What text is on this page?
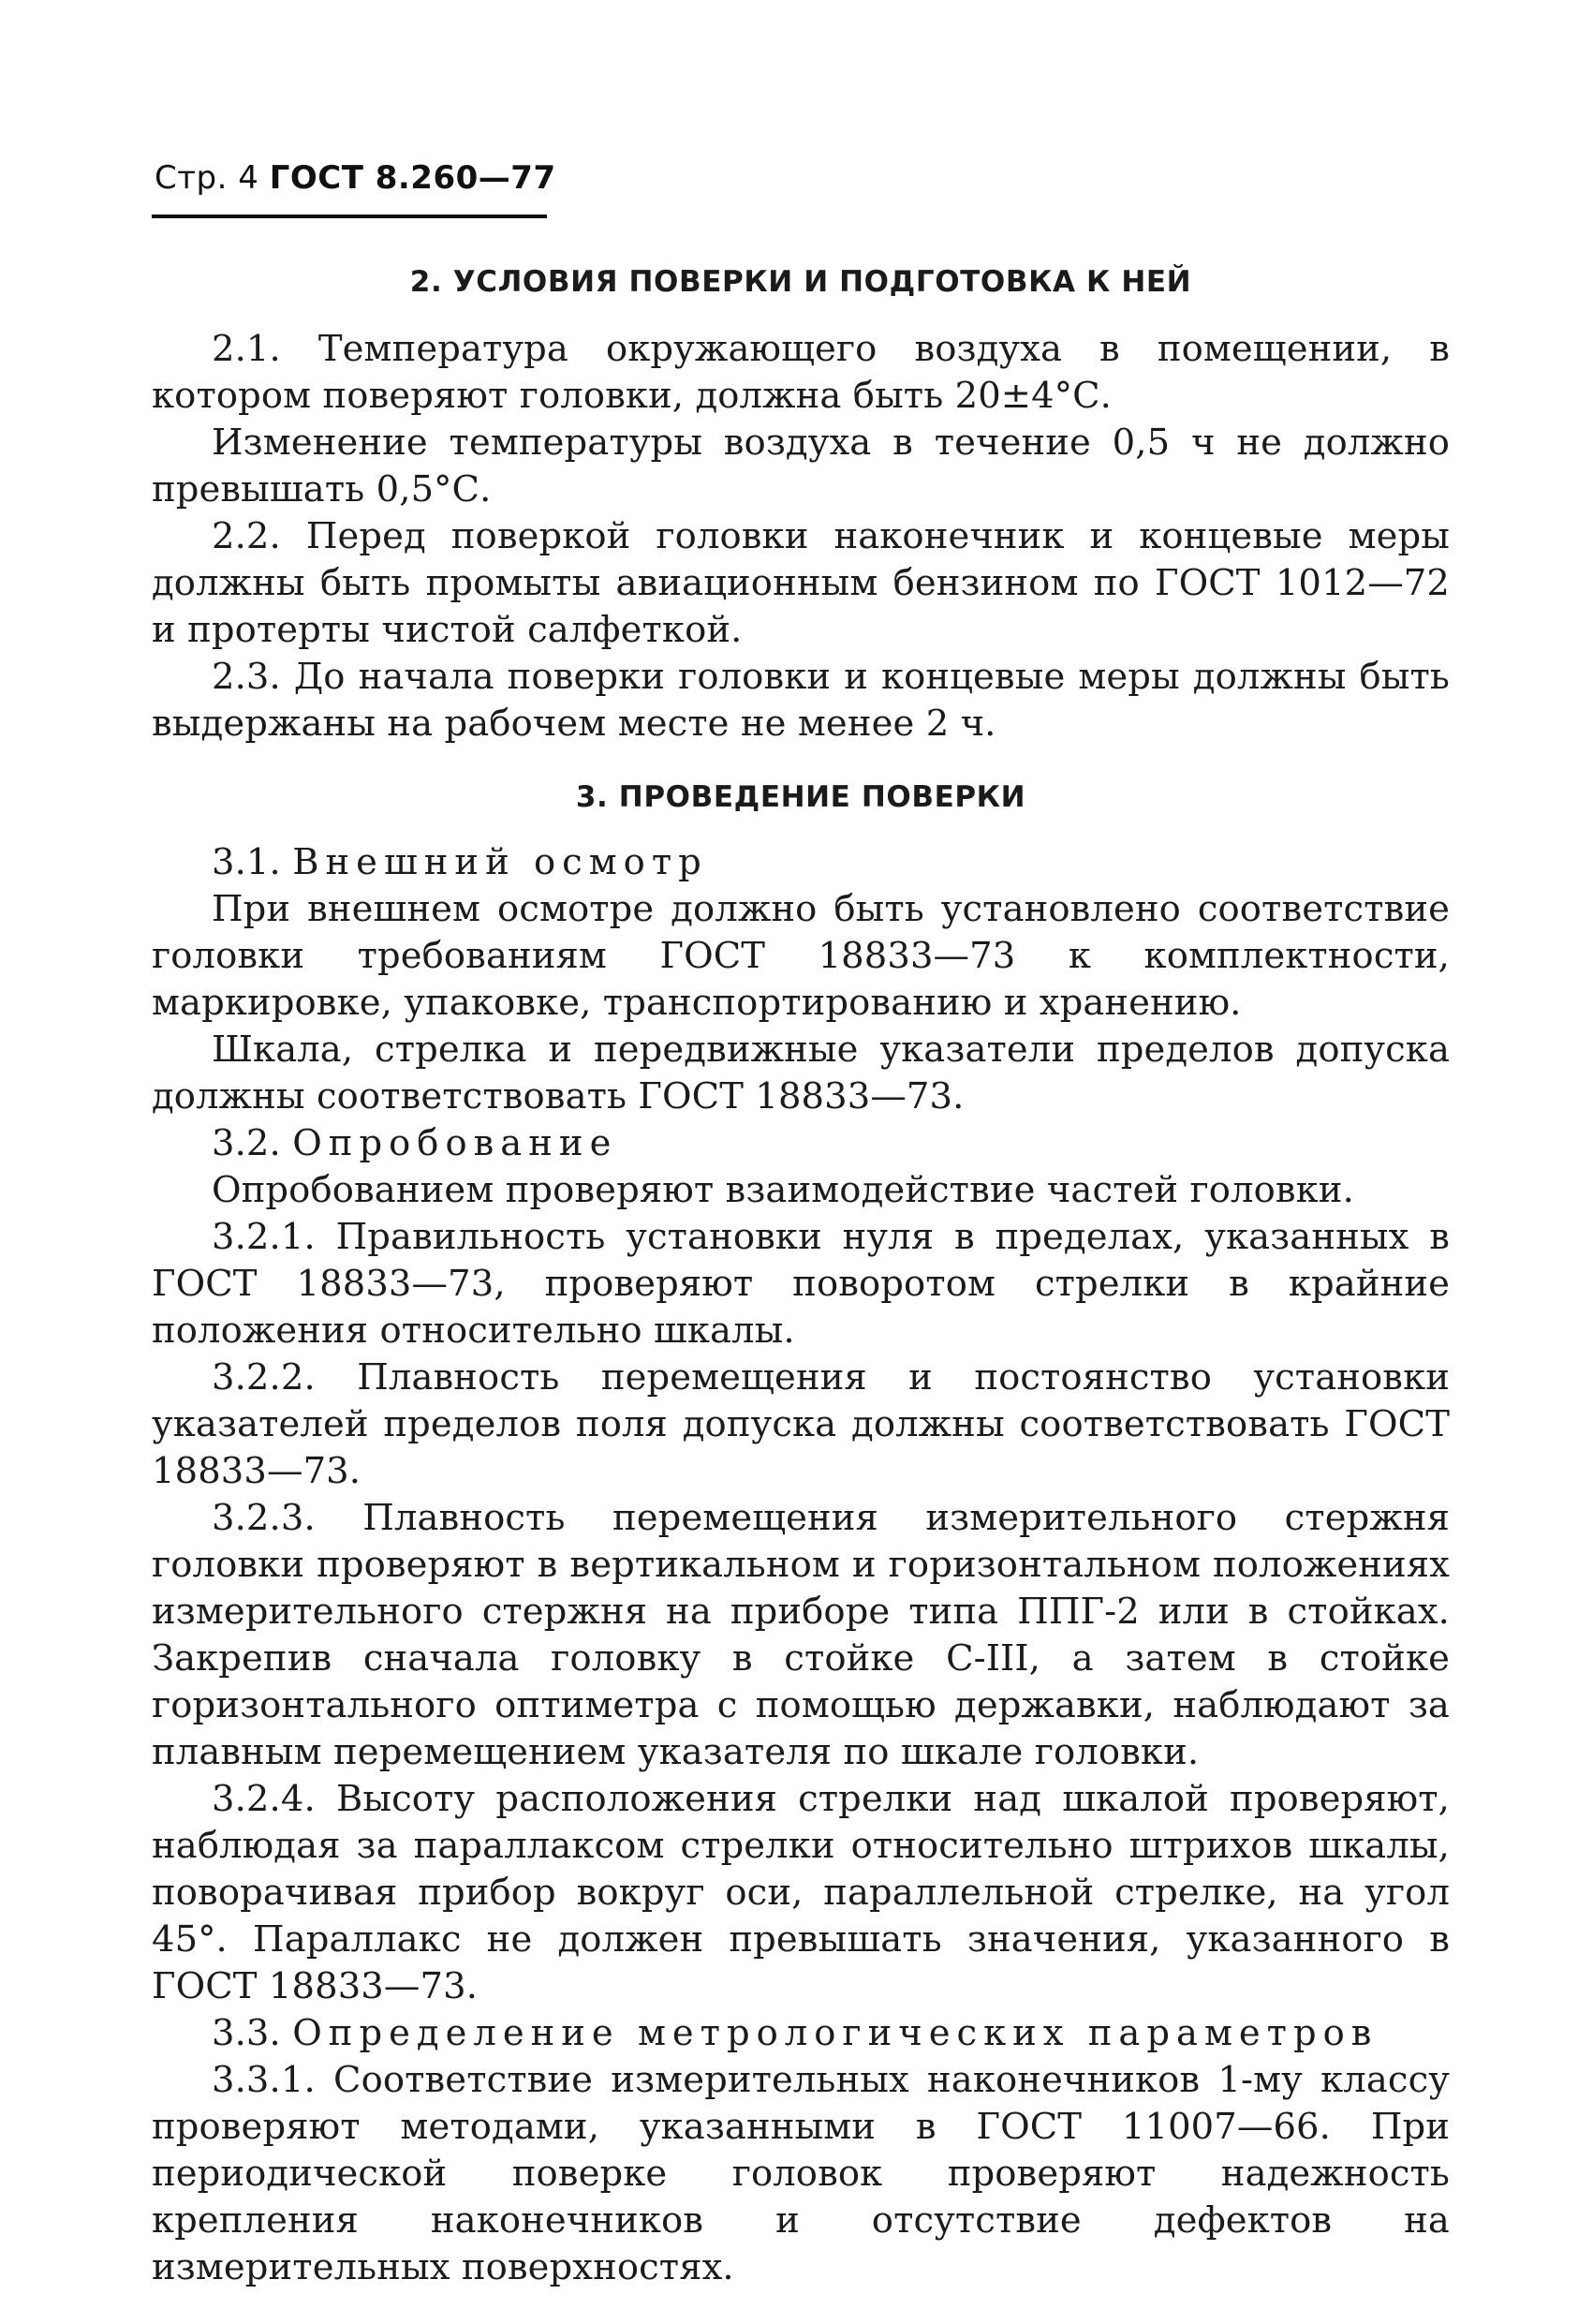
Стр. 4 ГОСТ 8.260—77
2. УСЛОВИЯ ПОВЕРКИ И ПОДГОТОВКА К НЕЙ

2.1. Температура окружающего воздуха в помещении, в котором поверяют головки, должна быть 20±4°С.

Изменение температуры воздуха в течение 0,5 ч не должно превышать 0,5°С.

2.2. Перед поверкой головки наконечник и концевые меры должны быть промыты авиационным бензином по ГОСТ 1012—72 и протерты чистой салфеткой.

2.3. До начала поверки головки и концевые меры должны быть выдержаны на рабочем месте не менее 2 ч.

3. ПРОВЕДЕНИЕ ПОВЕРКИ

3.1. Внешний осмотр

При внешнем осмотре должно быть установлено соответствие головки требованиям ГОСТ 18833—73 к комплектности, маркировке, упаковке, транспортированию и хранению.

Шкала, стрелка и передвижные указатели пределов допуска должны соответствовать ГОСТ 18833—73.

3.2. Опробование

Опробованием проверяют взаимодействие частей головки.

3.2.1. Правильность установки нуля в пределах, указанных в ГОСТ 18833—73, проверяют поворотом стрелки в крайние положения относительно шкалы.

3.2.2. Плавность перемещения и постоянство установки указателей пределов поля допуска должны соответствовать ГОСТ 18833—73.

3.2.3. Плавность перемещения измерительного стержня головки проверяют в вертикальном и горизонтальном положениях измерительного стержня на приборе типа ППГ-2 или в стойках. Закрепив сначала головку в стойке С-III, а затем в стойке горизонтального оптиметра с помощью державки, наблюдают за плавным перемещением указателя по шкале головки.

3.2.4. Высоту расположения стрелки над шкалой проверяют, наблюдая за параллаксом стрелки относительно штрихов шкалы, поворачивая прибор вокруг оси, параллельной стрелке, на угол 45°. Параллакс не должен превышать значения, указанного в ГОСТ 18833—73.

3.3. Определение метрологических параметров

3.3.1. Соответствие измерительных наконечников 1-му классу проверяют методами, указанными в ГОСТ 11007—66. При периодической поверке головок проверяют надежность крепления наконечников и отсутствие дефектов на измерительных поверхностях.
